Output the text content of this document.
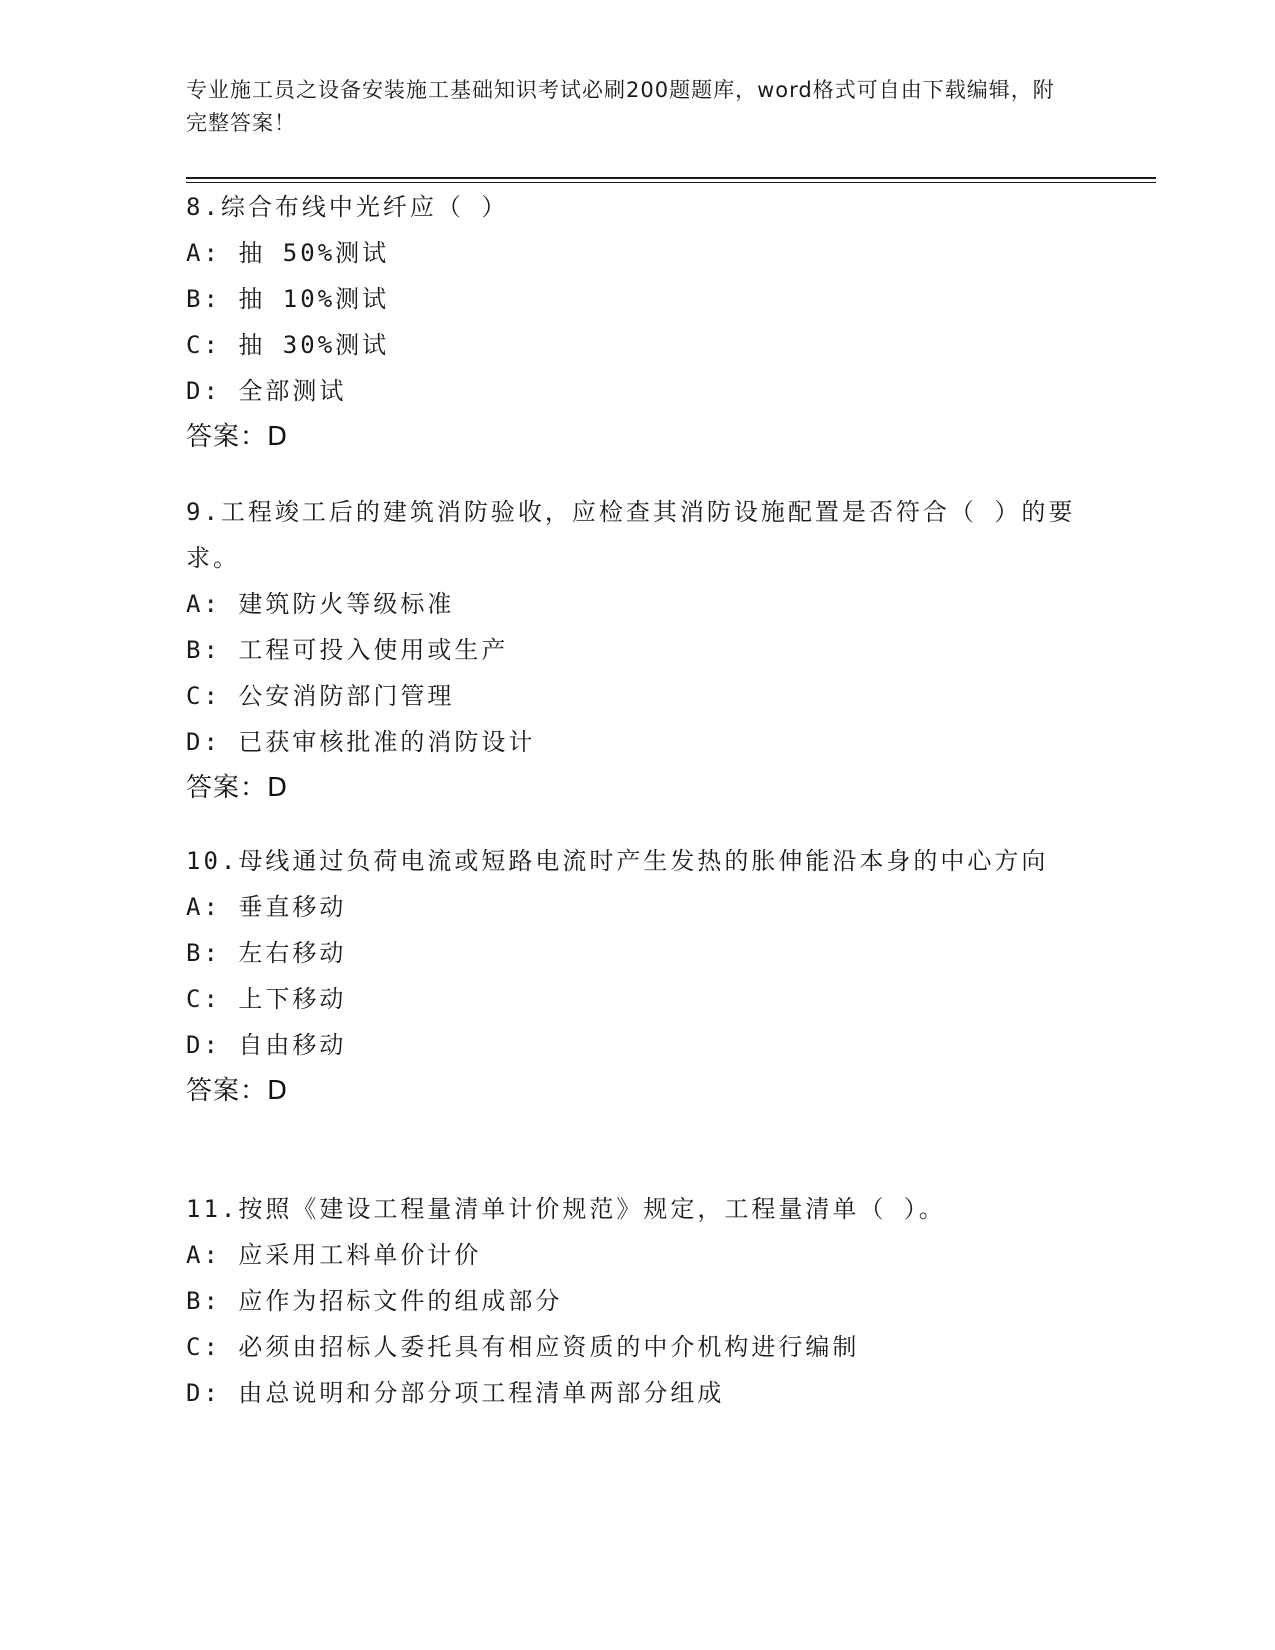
专业施工员之设备安装施工基础知识考试必刷200题题库，word格式可自由下载编辑，附完整答案！
8.综合布线中光纤应（ ）
A: 抽 50%测试
B: 抽 10%测试
C: 抽 30%测试
D: 全部测试
答案：D
9.工程竣工后的建筑消防验收，应检查其消防设施配置是否符合（ ）的要求。
A: 建筑防火等级标准
B: 工程可投入使用或生产
C: 公安消防部门管理
D: 已获审核批准的消防设计
答案：D
10.母线通过负荷电流或短路电流时产生发热的胀伸能沿本身的中心方向
A: 垂直移动
B: 左右移动
C: 上下移动
D: 自由移动
答案：D
11.按照《建设工程量清单计价规范》规定，工程量清单（ ）。
A: 应采用工料单价计价
B: 应作为招标文件的组成部分
C: 必须由招标人委托具有相应资质的中介机构进行编制
D: 由总说明和分部分项工程清单两部分组成
